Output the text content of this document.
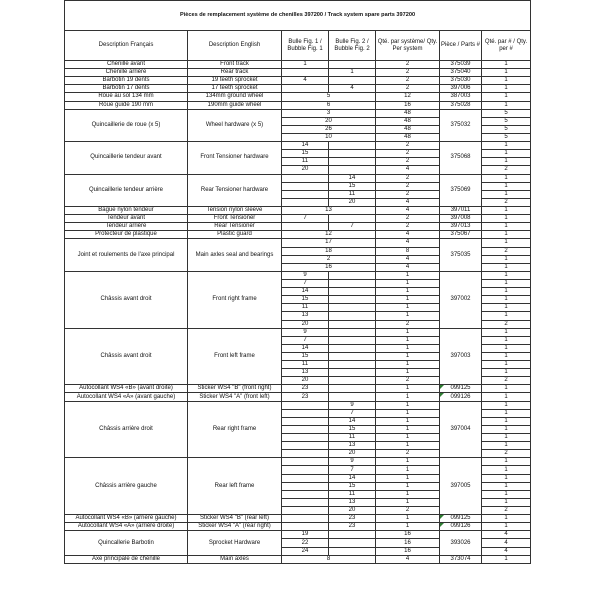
Pièces de remplacement système de chenilles 397200 / Track system spare parts 397200						
Description Français	Description English	Bulle Fig. 1 / Bubble Fig. 1	Bulle Fig. 2 / Bubble Fig. 2	Qté. par système/ Qty. Per system	Pièce / Parts #	Qté. par # / Qty. per #
Chenille avant	Front track	1		2	375039	1
Chenille arrière	Rear track		1	2	375040	1
Barbotin 19 dents	19 teeth sprocket	4		2	375030	1
Barbotin 17 dents	17 teeth sprocket		4	2	397006	1
Roue au sol 134 mm	134mm ground wheel	5		12	387003	1
Roue guide 190 mm	190mm guide wheel	6		16	375028	1
Quincaillerie de roue (x 5)	Wheel hardware (x 5)	3		48	375032	5
		20		48		5
		26		48		5
		10		48		5
Quincaillerie tendeur avant	Front Tensioner hardware	14		2	375068	1
		15		2		1
		11		2		1
		20		4		2
Quincaillerie tendeur arrière	Rear Tensioner hardware		14	2	375069	1
			15	2		1
			11	2		1
			20	4		2
Bague nylon tendeur	Tension nylon sleeve	13		4	397011	1
Tendeur avant	Front Tensioner	7		2	397008	1
Tendeur arrière	Rear Tensioner		7	2	397013	1
Protecteur de plastique	Plastic guard	12		4	375067	1
Joint et roulements de l'axe principal	Main axles seal and bearings	17		4	375035	1
		18		8		2
		2		4		1
		16		4		1
Châssis avant droit	Front right frame	9		1	397002	1
		7		1		1
		14		1		1
		15		1		1
		11		1		1
		13		1		1
		20		2		2
Châssis avant droit	Front left frame	9		1	397003	1
		7		1		1
		14		1		1
		15		1		1
		11		1		1
		13		1		1
		20		2		2
Autocollant WS4 «B» (avant droite)	Sticker WS4 "B" (front right)	23		1	099125	1
Autocollant WS4 «A» (avant gauche)	Sticker WS4 "A" (front left)	23		1	099126	1
Châssis arrière droit	Rear right frame		9	1	397004	1
			7	1		1
			14	1		1
			15	1		1
			11	1		1
			13	1		1
			20	2		2
Châssis arrière gauche	Rear left frame		9	1	397005	1
			7	1		1
			14	1		1
			15	1		1
			11	1		1
			13	1		1
			20	2		2
Autocollant WS4 «B» (arrière gauche)	Sticker WS4 "B" (rear left)		23	1	099125	1
Autocollant WS4 «A» (arrière droite)	Sticker WS4 "A" (rear right)		23	1	099126	1
Quincallerie Barbotin	Sprocket Hardware	19		16	393026	4
		22		16		4
		24		16		4
Axe principale de chenille	Main axles	8		4	373074	1
